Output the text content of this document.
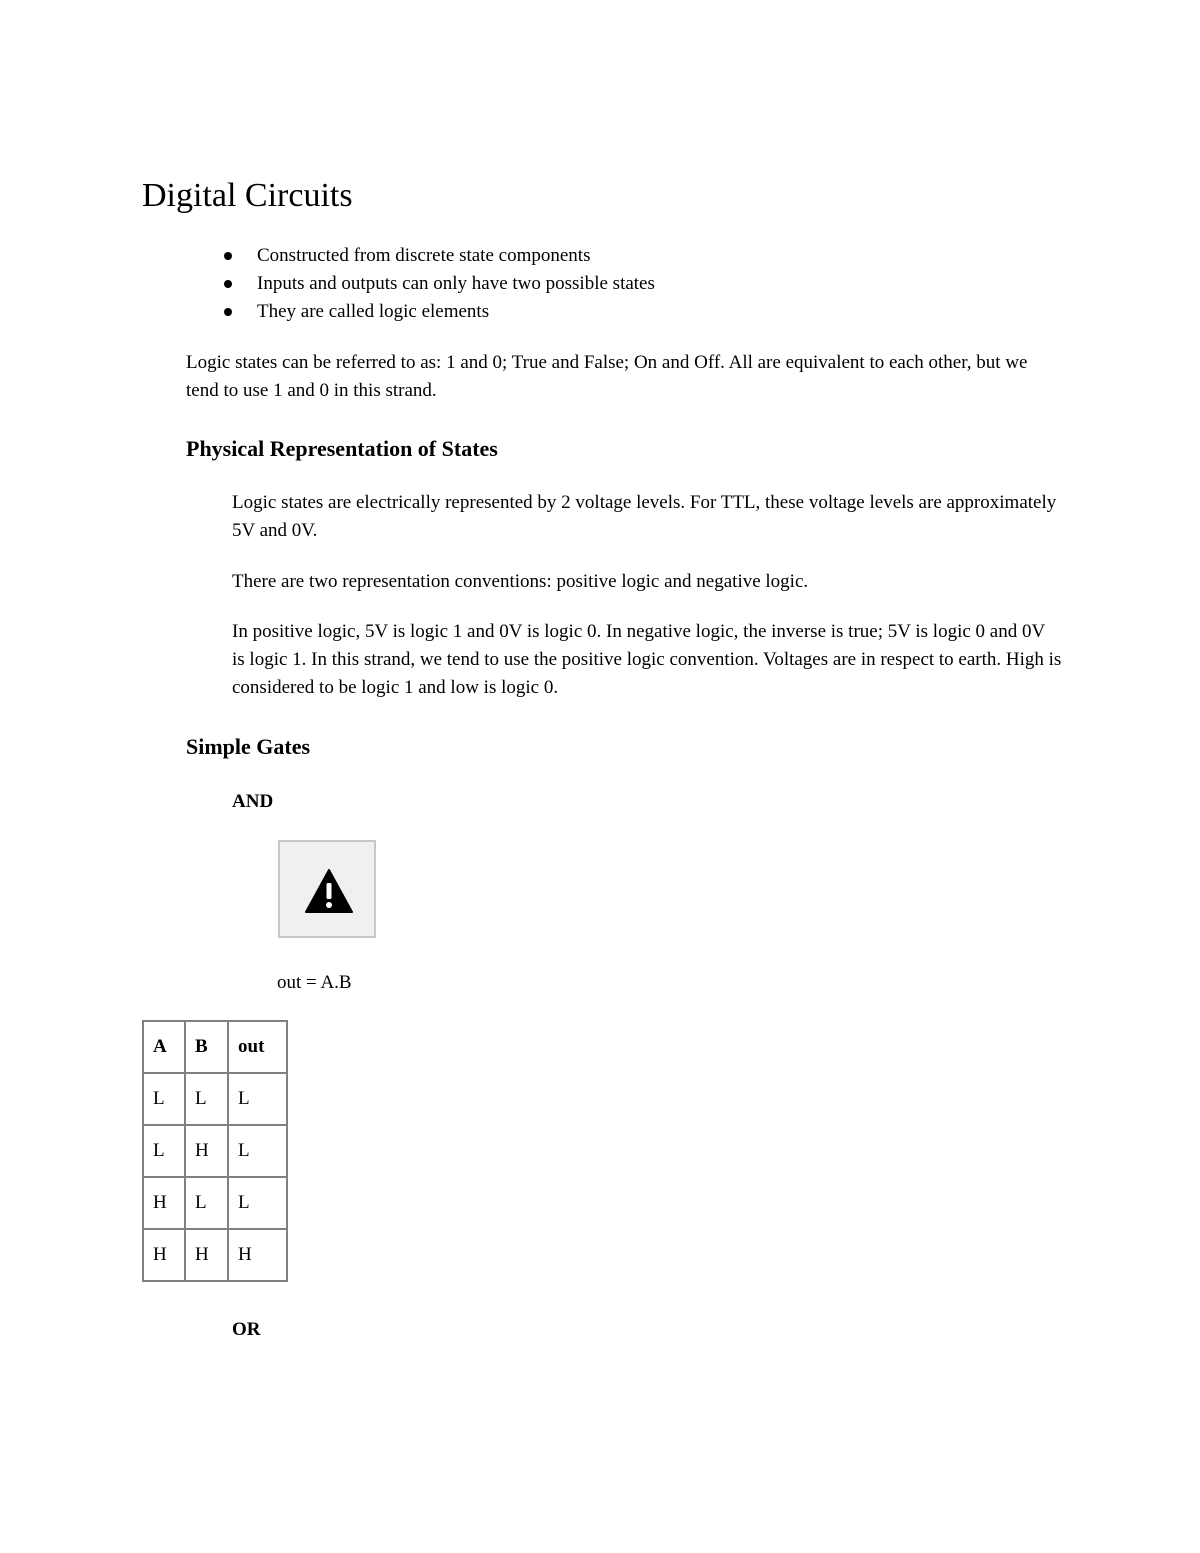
Digital Circuits
Constructed from discrete state components
Inputs and outputs can only have two possible states
They are called logic elements

Logic states can be referred to as: 1 and 0; True and False; On and Off. All are equivalent to each other, but we tend to use 1 and 0 in this strand.

Physical Representation of States

Logic states are electrically represented by 2 voltage levels. For TTL, these voltage levels are approximately 5V and 0V.

There are two representation conventions: positive logic and negative logic.

In positive logic, 5V is logic 1 and 0V is logic 0. In negative logic, the inverse is true; 5V is logic 0 and 0V is logic 1. In this strand, we tend to use the positive logic convention. Voltages are in respect to earth. High is considered to be logic 1 and low is logic 0.

Simple Gates

AND

out = A.B
A	B	out
L	L	L
L	H	L
H	L	L
H	H	H

OR
